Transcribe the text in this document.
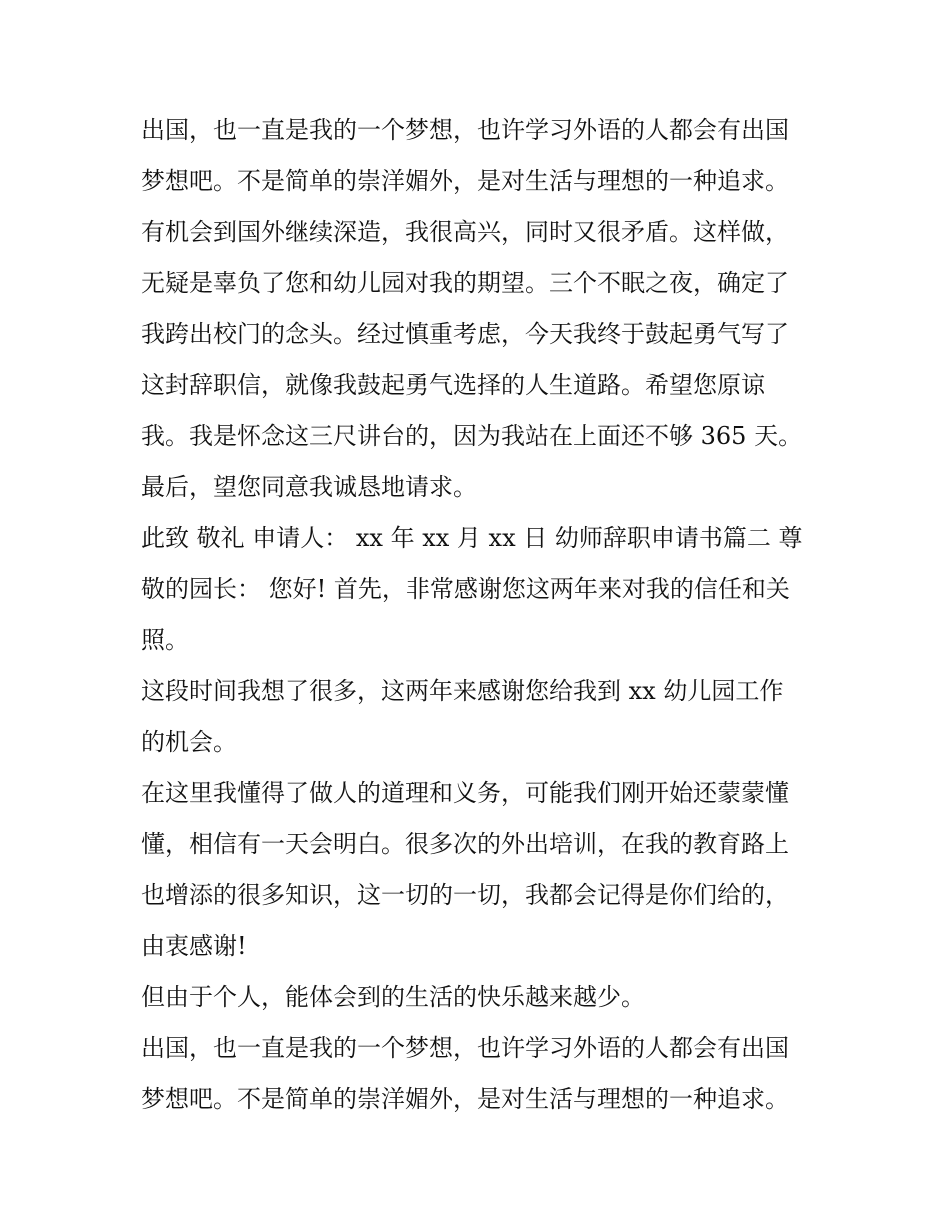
出国，也一直是我的一个梦想，也许学习外语的人都会有出国
梦想吧。不是简单的崇洋媚外，是对生活与理想的一种追求。
有机会到国外继续深造，我很高兴，同时又很矛盾。这样做，
无疑是辜负了您和幼儿园对我的期望。三个不眠之夜，确定了
我跨出校门的念头。经过慎重考虑，今天我终于鼓起勇气写了
这封辞职信，就像我鼓起勇气选择的人生道路。希望您原谅
我。我是怀念这三尺讲台的，因为我站在上面还不够 365 天。
最后，望您同意我诚恳地请求。

此致 敬礼 申请人： xx 年 xx 月 xx 日 幼师辞职申请书篇二 尊
敬的园长： 您好! 首先，非常感谢您这两年来对我的信任和关
照。

这段时间我想了很多，这两年来感谢您给我到 xx 幼儿园工作
的机会。

在这里我懂得了做人的道理和义务，可能我们刚开始还蒙蒙懂
懂，相信有一天会明白。很多次的外出培训，在我的教育路上
也增添的很多知识，这一切的一切，我都会记得是你们给的，
由衷感谢!

但由于个人，能体会到的生活的快乐越来越少。

出国，也一直是我的一个梦想，也许学习外语的人都会有出国
梦想吧。不是简单的崇洋媚外，是对生活与理想的一种追求。
